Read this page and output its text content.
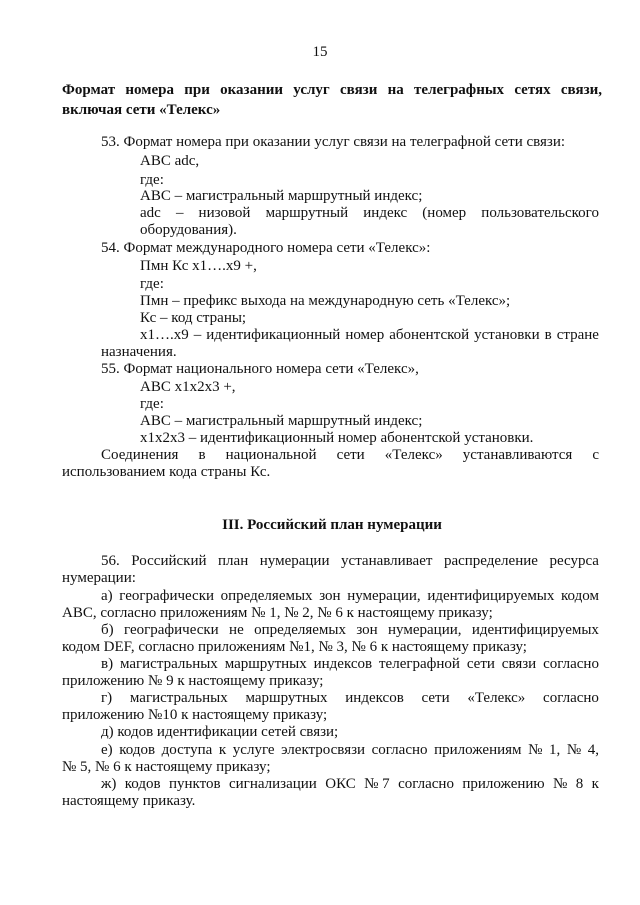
15
Формат номера при оказании услуг связи на телеграфных сетях связи, включая сети «Телекс»
53. Формат номера при оказании услуг связи на телеграфной сети связи:
АВС adc,
где:
АВС – магистральный маршрутный индекс;
adc – низовой маршрутный индекс (номер пользовательского
оборудования).
54. Формат международного номера сети «Телекс»:
Пмн Кс x1….x9 +,
где:
Пмн – префикс выхода на международную сеть «Телекс»;
Кс – код страны;
x1….x9 – идентификационный номер абонентской установки в стране
назначения.
55. Формат национального номера сети «Телекс»,
АВС x1x2x3 +,
где:
АВС – магистральный маршрутный индекс;
x1x2x3 – идентификационный номер абонентской установки.
Соединения в национальной сети «Телекс» устанавливаются с
использованием кода страны Кс.
III. Российский план нумерации
56. Российский план нумерации устанавливает распределение ресурса
нумерации:
а) географически определяемых зон нумерации, идентифицируемых кодом
АВС, согласно приложениям № 1, № 2, № 6 к настоящему приказу;
б) географически не определяемых зон нумерации, идентифицируемых
кодом DEF, согласно приложениям №1, № 3, № 6 к настоящему приказу;
в) магистральных маршрутных индексов телеграфной сети связи согласно
приложению № 9 к настоящему приказу;
г) магистральных маршрутных индексов сети «Телекс» согласно
приложению №10 к настоящему приказу;
д) кодов идентификации сетей связи;
е) кодов доступа к услуге электросвязи согласно приложениям № 1, № 4,
№ 5, № 6 к настоящему приказу;
ж) кодов пунктов сигнализации ОКС № 7 согласно приложению № 8 к
настоящему приказу.
